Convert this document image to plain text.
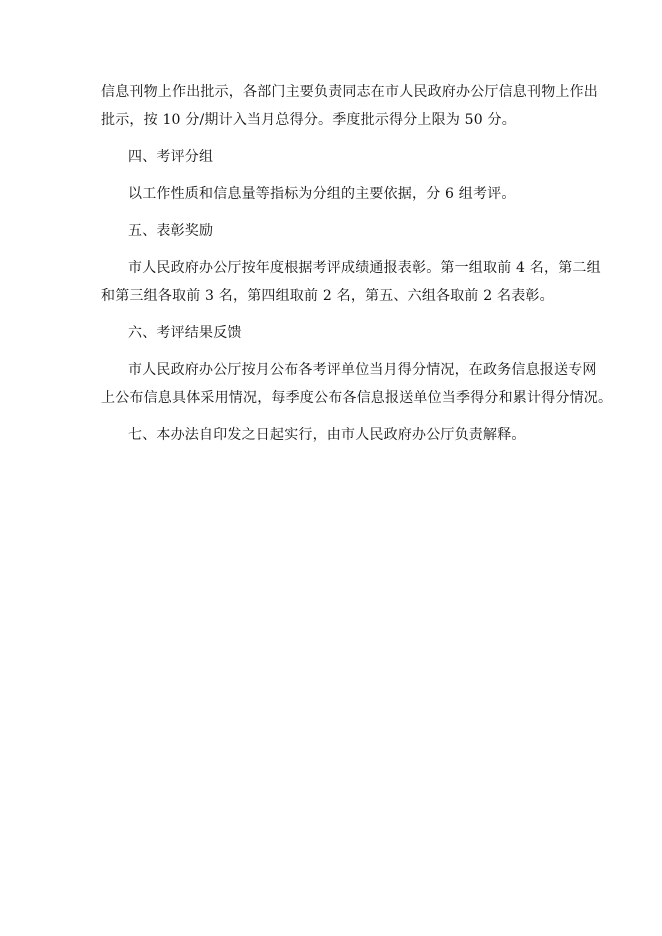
信息刊物上作出批示，各部门主要负责同志在市人民政府办公厅信息刊物上作出
批示，按 10 分/期计入当月总得分。季度批示得分上限为 50 分。
四、考评分组
以工作性质和信息量等指标为分组的主要依据，分 6 组考评。
五、表彰奖励
市人民政府办公厅按年度根据考评成绩通报表彰。第一组取前 4 名，第二组
和第三组各取前 3 名，第四组取前 2 名，第五、六组各取前 2 名表彰。
六、考评结果反馈
市人民政府办公厅按月公布各考评单位当月得分情况，在政务信息报送专网
上公布信息具体采用情况，每季度公布各信息报送单位当季得分和累计得分情况。
七、本办法自印发之日起实行，由市人民政府办公厅负责解释。
